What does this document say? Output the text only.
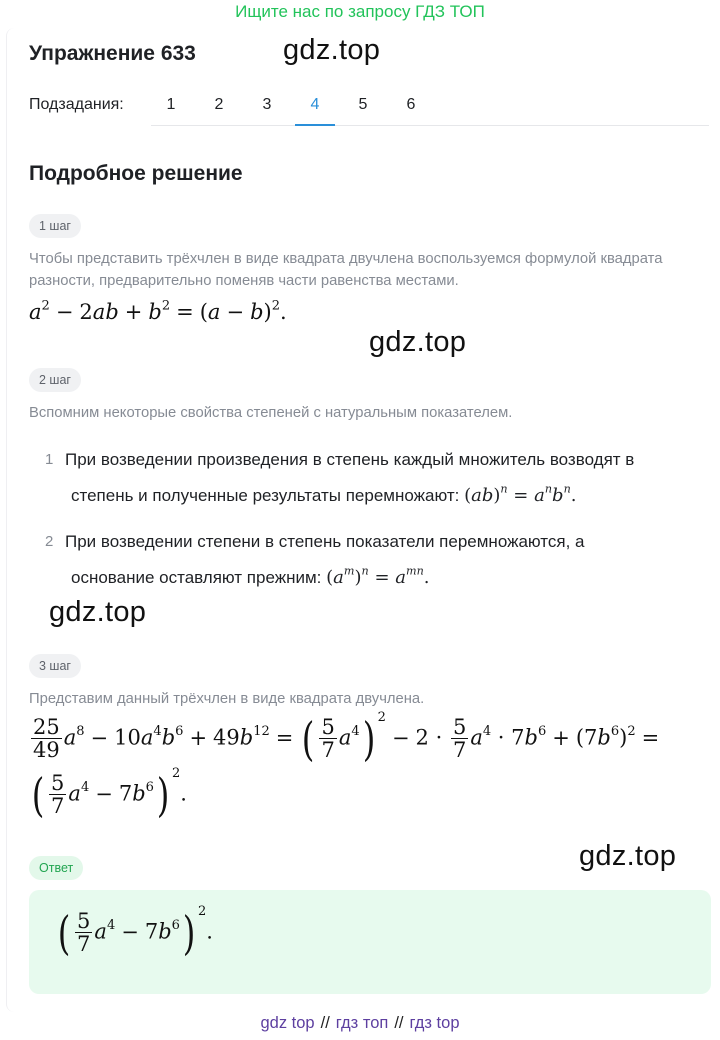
Ищите нас по запросу ГДЗ ТОП
Упражнение 633	gdz.top
Подзадания:	1	2	3	4	5	6
Подробное решение
1 шаг
Чтобы представить трёхчлен в виде квадрата двучлена воспользуемся формулой квадрата разности, предварительно поменяв части равенства местами.
$a^2 - 2ab + b^2 = (a - b)^2$.
gdz.top
2 шаг
Вспомним некоторые свойства степеней с натуральным показателем.
1 При возведении произведения в степень каждый множитель возводят в
степень и полученные результаты перемножают: $(ab)^n = a^nb^n$.
2 При возведении степени в степень показатели перемножаются, а
основание оставляют прежним: $(a^m)^n = a^{mn}$.
gdz.top
3 шаг
Представим данный трёхчлен в виде квадрата двучлена.
$\frac{25}{49} a^8 - 10a^4b^6 + 49b^{12}$ = ( $\frac{5}{7} a^4$) $2- 2 \cdot \frac{5}{7} a^4 \cdot 7b^6 + (7b^6)^2$ =
( $\frac{5}{7} a^4 - 7b^6$) 2.
gdz.top
Ответ
( $\frac{5}{7} a^4 - 7b^6$) 2.
gdz top // гдз топ // гдз top
